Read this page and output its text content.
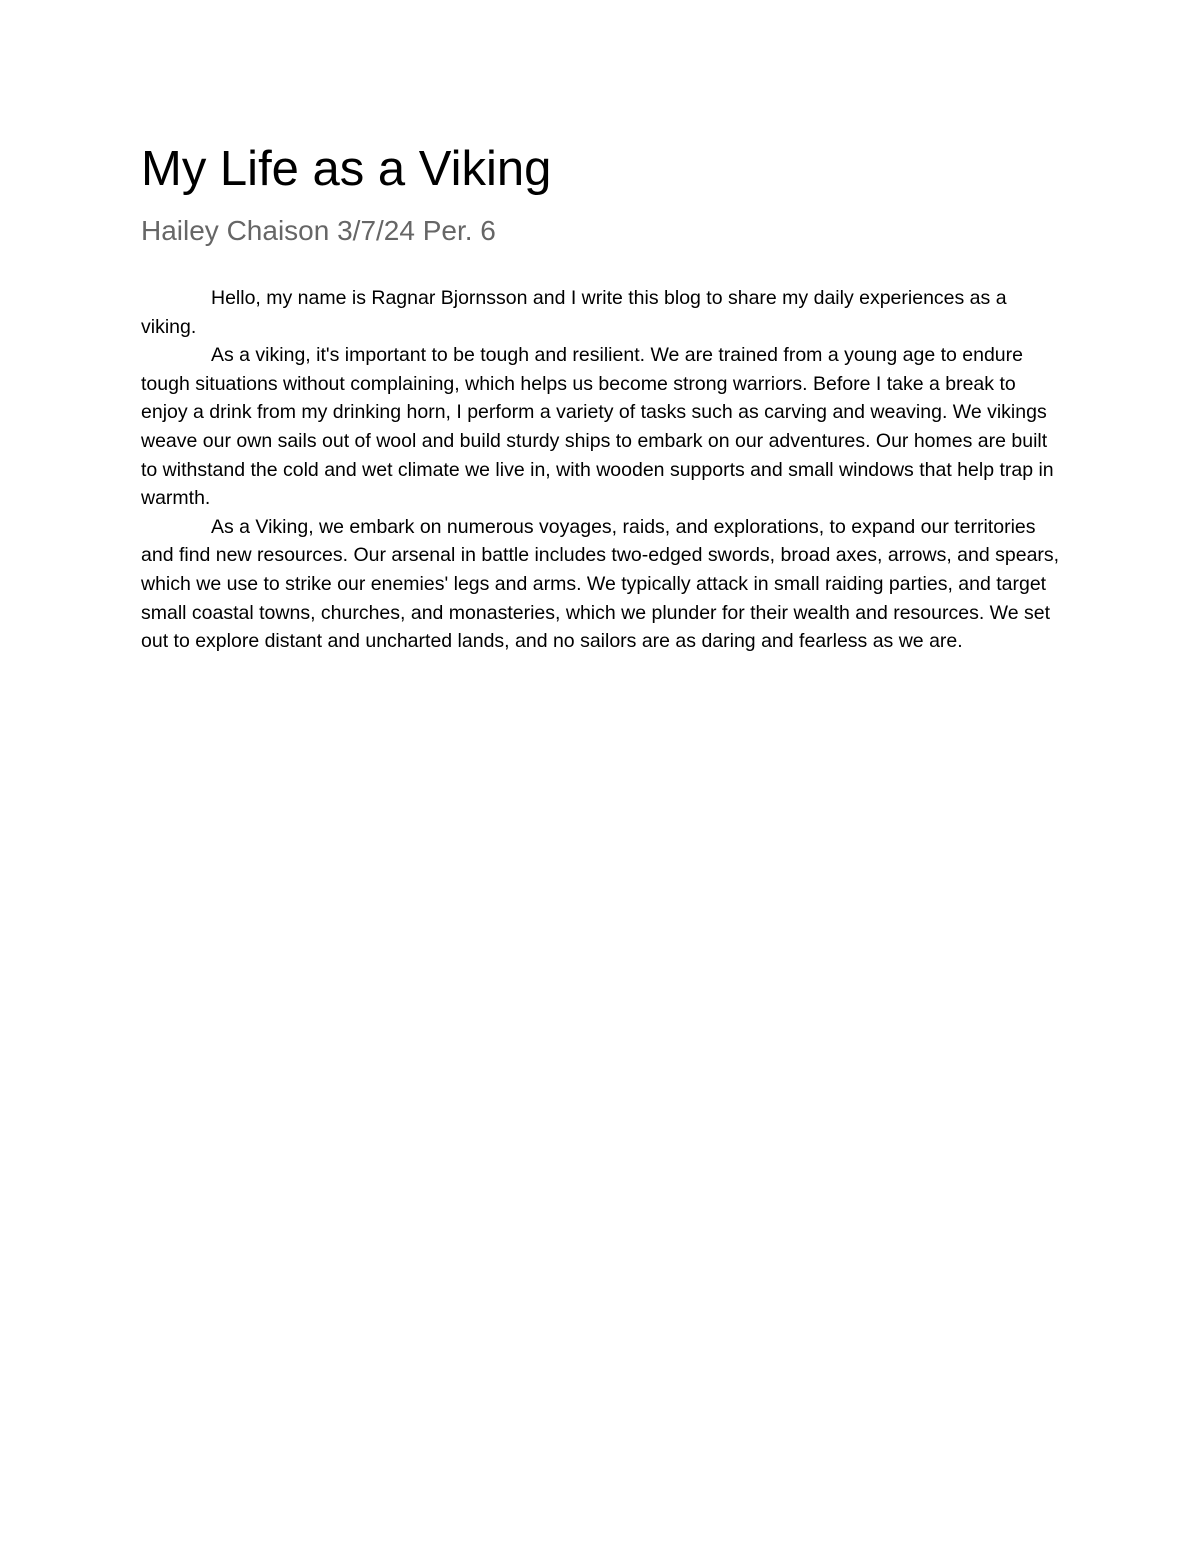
My Life as a Viking
Hailey Chaison 3/7/24 Per. 6

Hello, my name is Ragnar Bjornsson and I write this blog to share my daily experiences as a viking.

As a viking, it's important to be tough and resilient. We are trained from a young age to endure tough situations without complaining, which helps us become strong warriors. Before I take a break to enjoy a drink from my drinking horn, I perform a variety of tasks such as carving and weaving. We vikings weave our own sails out of wool and build sturdy ships to embark on our adventures. Our homes are built to withstand the cold and wet climate we live in, with wooden supports and small windows that help trap in warmth.

As a Viking, we embark on numerous voyages, raids, and explorations, to expand our territories and find new resources. Our arsenal in battle includes two-edged swords, broad axes, arrows, and spears, which we use to strike our enemies' legs and arms. We typically attack in small raiding parties, and target small coastal towns, churches, and monasteries, which we plunder for their wealth and resources. We set out to explore distant and uncharted lands, and no sailors are as daring and fearless as we are.
